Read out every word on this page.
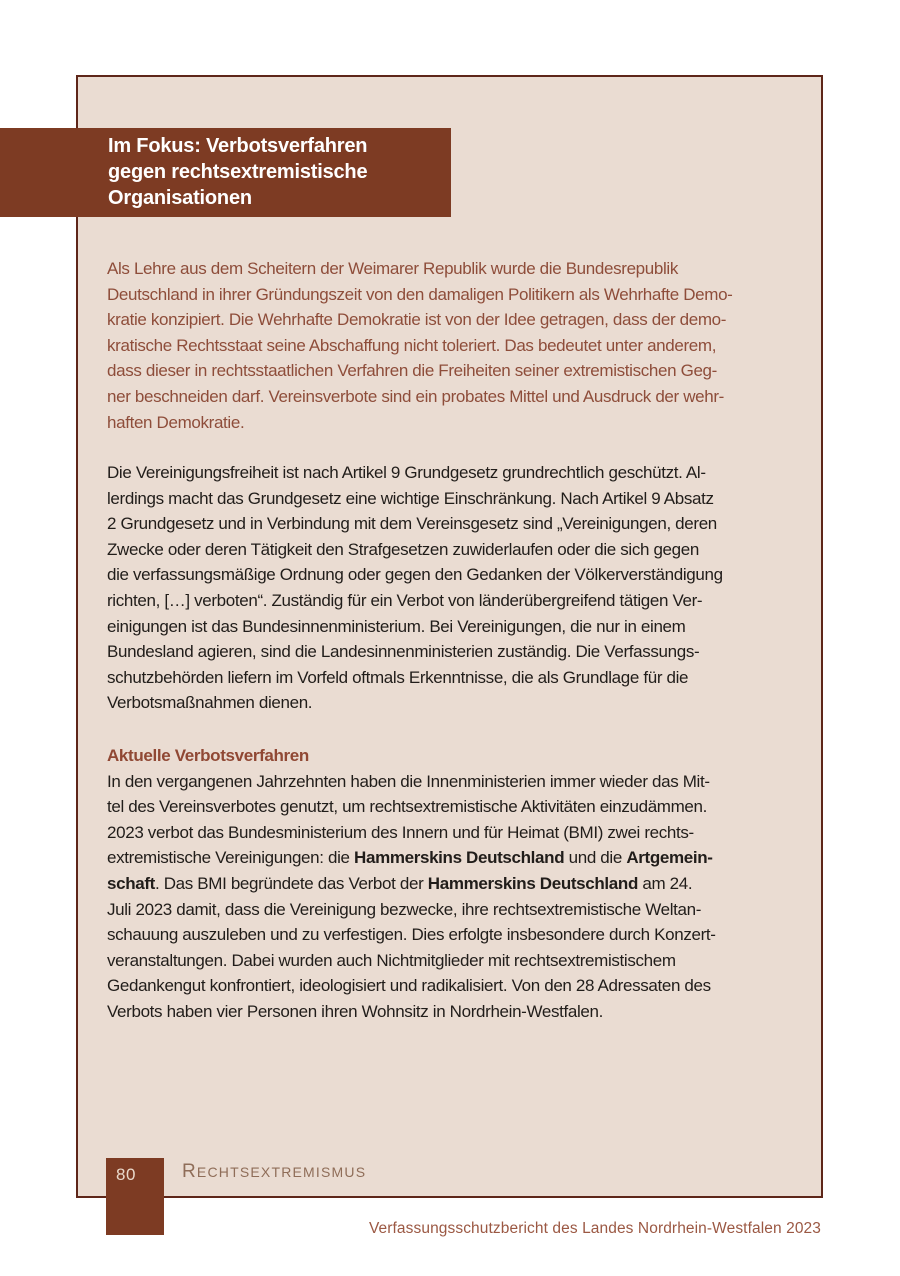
Im Fokus: Verbotsverfahren
gegen rechtsextremistische
Organisationen
Als Lehre aus dem Scheitern der Weimarer Republik wurde die Bundesrepublik
Deutschland in ihrer Gründungszeit von den damaligen Politikern als Wehrhafte Demo-
kratie konzipiert. Die Wehrhafte Demokratie ist von der Idee getragen, dass der demo-
kratische Rechtsstaat seine Abschaffung nicht toleriert. Das bedeutet unter anderem,
dass dieser in rechtsstaatlichen Verfahren die Freiheiten seiner extremistischen Geg-
ner beschneiden darf. Vereinsverbote sind ein probates Mittel und Ausdruck der wehr-
haften Demokratie.
Die Vereinigungsfreiheit ist nach Artikel 9 Grundgesetz grundrechtlich geschützt. Al-
lerdings macht das Grundgesetz eine wichtige Einschränkung. Nach Artikel 9 Absatz
2 Grundgesetz und in Verbindung mit dem Vereinsgesetz sind „Vereinigungen, deren
Zwecke oder deren Tätigkeit den Strafgesetzen zuwiderlaufen oder die sich gegen
die verfassungsmäßige Ordnung oder gegen den Gedanken der Völkerverständigung
richten, […] verboten“. Zuständig für ein Verbot von länderübergreifend tätigen Ver-
einigungen ist das Bundesinnenministerium. Bei Vereinigungen, die nur in einem
Bundesland agieren, sind die Landesinnenministerien zuständig. Die Verfassungs-
schutzbehörden liefern im Vorfeld oftmals Erkenntnisse, die als Grundlage für die
Verbotsmaßnahmen dienen.
Aktuelle Verbotsverfahren
In den vergangenen Jahrzehnten haben die Innenministerien immer wieder das Mit-
tel des Vereinsverbotes genutzt, um rechtsextremistische Aktivitäten einzudämmen.
2023 verbot das Bundesministerium des Innern und für Heimat (BMI) zwei rechts-
extremistische Vereinigungen: die Hammerskins Deutschland und die Artgemein-
schaft. Das BMI begründete das Verbot der Hammerskins Deutschland am 24.
Juli 2023 damit, dass die Vereinigung bezwecke, ihre rechtsextremistische Weltan-
schauung auszuleben und zu verfestigen. Dies erfolgte insbesondere durch Konzert-
veranstaltungen. Dabei wurden auch Nichtmitglieder mit rechtsextremistischem
Gedankengut konfrontiert, ideologisiert und radikalisiert. Von den 28 Adressaten des
Verbots haben vier Personen ihren Wohnsitz in Nordrhein-Westfalen.
80	RECHTSEXTREMISMUS
Verfassungsschutzbericht des Landes Nordrhein-Westfalen 2023
